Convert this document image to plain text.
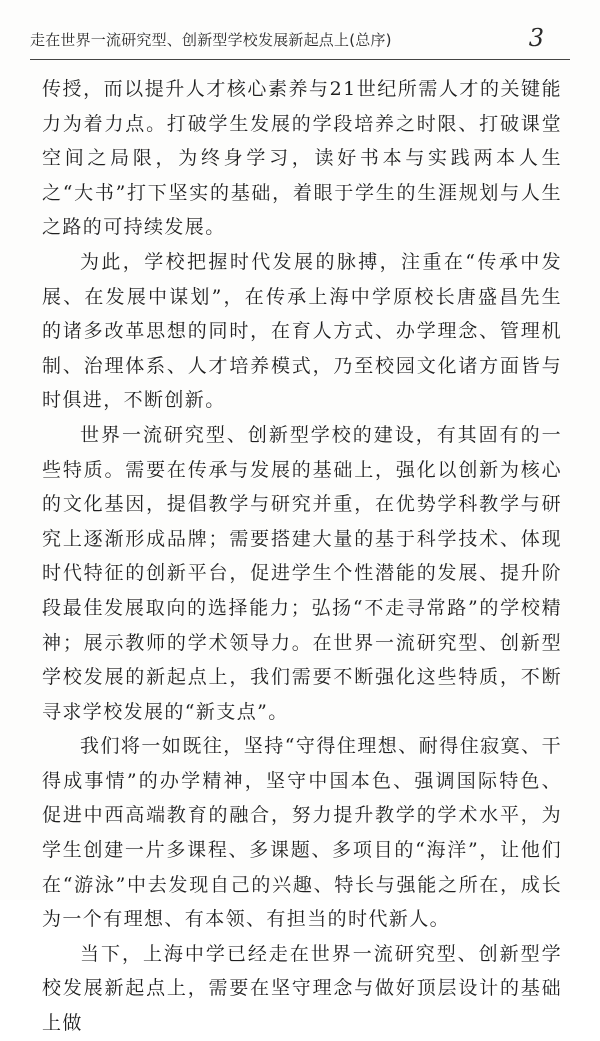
走在世界一流研究型、创新型学校发展新起点上(总序)	3

传授，而以提升人才核心素养与21世纪所需人才的关键能力为着力点。打破学生发展的学段培养之时限、打破课堂空间之局限，为终身学习，读好书本与实践两本人生之“大书”打下坚实的基础，着眼于学生的生涯规划与人生之路的可持续发展。

为此，学校把握时代发展的脉搏，注重在“传承中发展、在发展中谋划”，在传承上海中学原校长唐盛昌先生的诸多改革思想的同时，在育人方式、办学理念、管理机制、治理体系、人才培养模式，乃至校园文化诸方面皆与时俱进，不断创新。

世界一流研究型、创新型学校的建设，有其固有的一些特质。需要在传承与发展的基础上，强化以创新为核心的文化基因，提倡教学与研究并重，在优势学科教学与研究上逐渐形成品牌；需要搭建大量的基于科学技术、体现时代特征的创新平台，促进学生个性潜能的发展、提升阶段最佳发展取向的选择能力；弘扬“不走寻常路”的学校精神；展示教师的学术领导力。在世界一流研究型、创新型学校发展的新起点上，我们需要不断强化这些特质，不断寻求学校发展的“新支点”。

我们将一如既往，坚持“守得住理想、耐得住寂寞、干得成事情”的办学精神，坚守中国本色、强调国际特色、促进中西高端教育的融合，努力提升教学的学术水平，为学生创建一片多课程、多课题、多项目的“海洋”，让他们在“游泳”中去发现自己的兴趣、特长与强能之所在，成长为一个有理想、有本领、有担当的时代新人。

当下，上海中学已经走在世界一流研究型、创新型学校发展新起点上，需要在坚守理念与做好顶层设计的基础上做
